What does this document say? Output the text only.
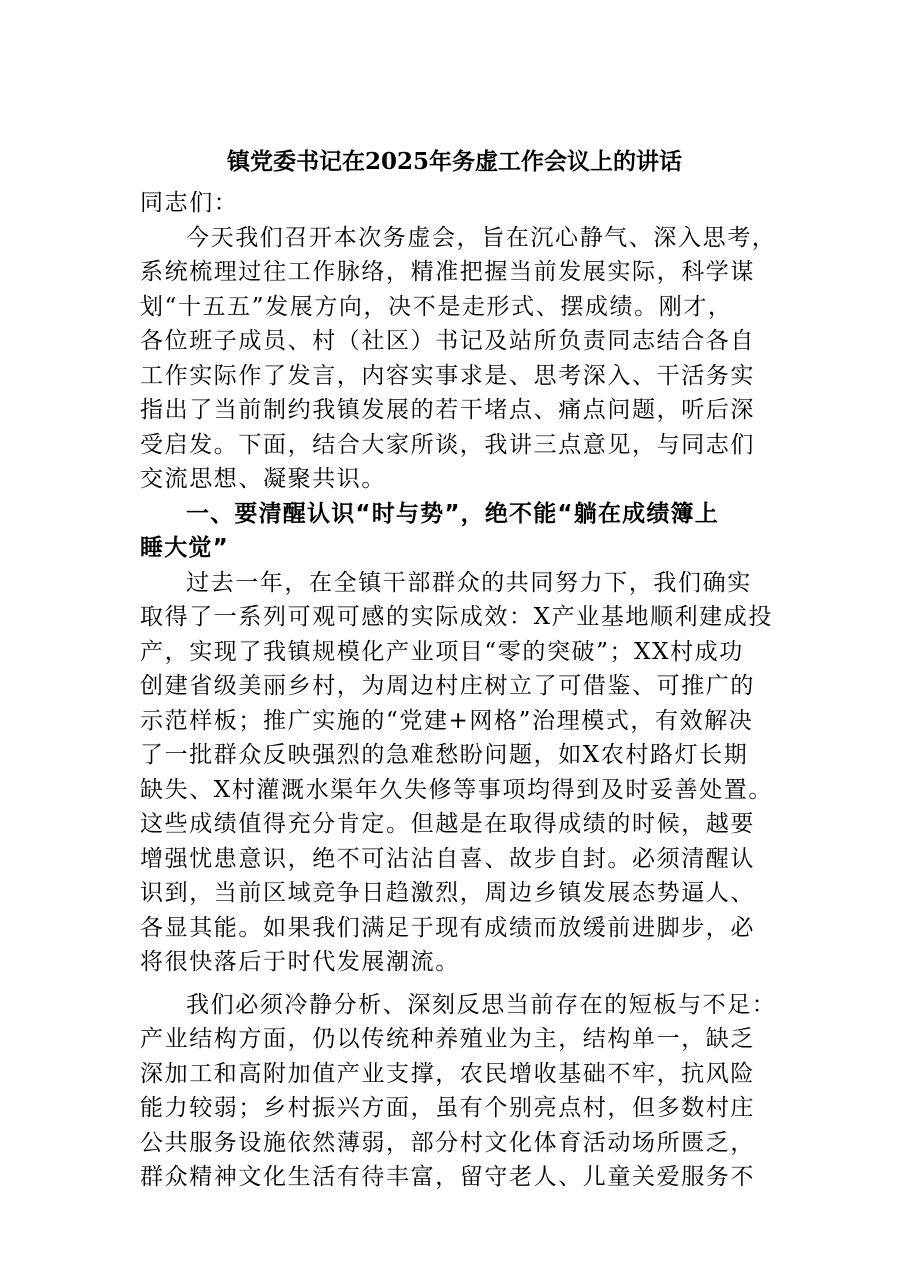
镇党委书记在2025年务虚工作会议上的讲话
同志们：
今天我们召开本次务虚会，旨在沉心静气、深入思考，
系统梳理过往工作脉络，精准把握当前发展实际，科学谋
划“十五五”发展方向，决不是走形式、摆成绩。刚才，
各位班子成员、村（社区）书记及站所负责同志结合各自
工作实际作了发言，内容实事求是、思考深入、干活务实
指出了当前制约我镇发展的若干堵点、痛点问题，听后深
受启发。下面，结合大家所谈，我讲三点意见，与同志们
交流思想、凝聚共识。
一、要清醒认识“时与势”，绝不能“躺在成绩簿上
睡大觉”
过去一年，在全镇干部群众的共同努力下，我们确实
取得了一系列可观可感的实际成效：X产业基地顺利建成投
产，实现了我镇规模化产业项目“零的突破”；XX村成功
创建省级美丽乡村，为周边村庄树立了可借鉴、可推广的
示范样板；推广实施的“党建+网格”治理模式，有效解决
了一批群众反映强烈的急难愁盼问题，如X农村路灯长期
缺失、X村灌溉水渠年久失修等事项均得到及时妥善处置。
这些成绩值得充分肯定。但越是在取得成绩的时候，越要
增强忧患意识，绝不可沾沾自喜、故步自封。必须清醒认
识到，当前区域竞争日趋激烈，周边乡镇发展态势逼人、
各显其能。如果我们满足于现有成绩而放缓前进脚步，必
将很快落后于时代发展潮流。
我们必须冷静分析、深刻反思当前存在的短板与不足：
产业结构方面，仍以传统种养殖业为主，结构单一，缺乏
深加工和高附加值产业支撑，农民增收基础不牢，抗风险
能力较弱；乡村振兴方面，虽有个别亮点村，但多数村庄
公共服务设施依然薄弱，部分村文化体育活动场所匮乏，
群众精神文化生活有待丰富，留守老人、儿童关爱服务不
